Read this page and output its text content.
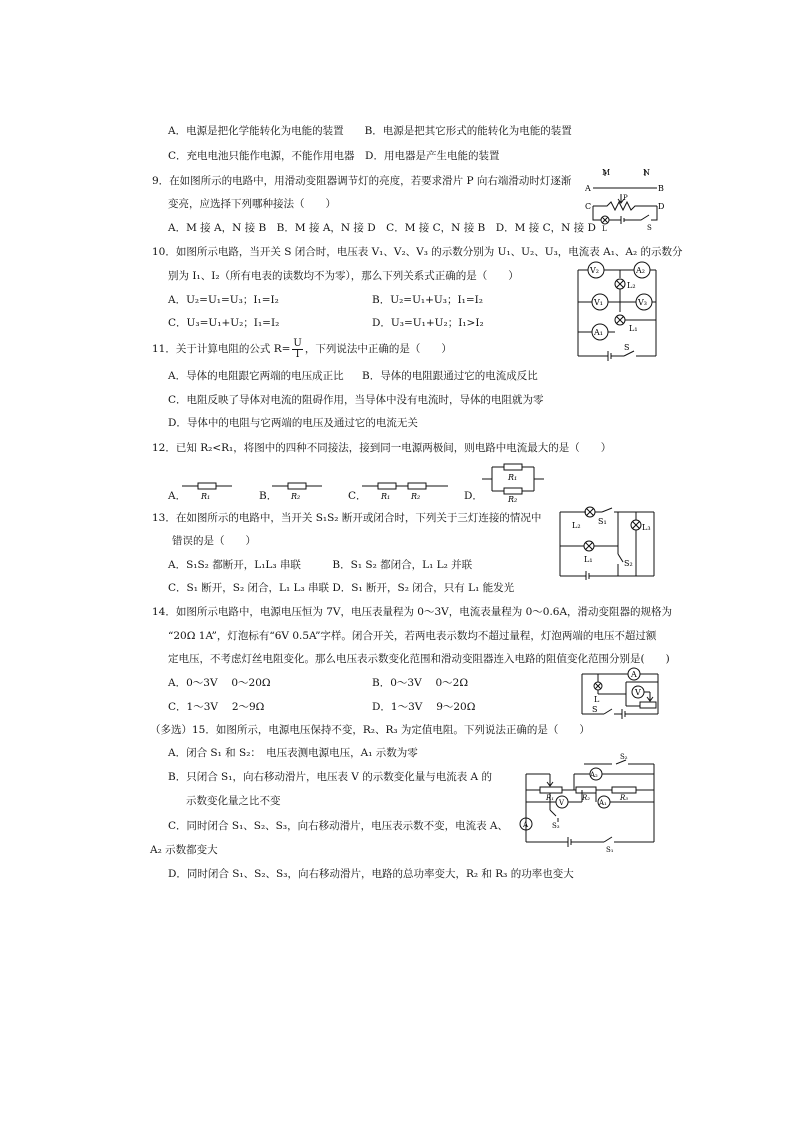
A．电源是把化学能转化为电能的装置　　B．电源是把其它形式的能转化为电能的装置
C．充电电池只能作电源，不能作用电器　D．用电器是产生电能的装置
9．在如图所示的电路中，用滑动变阻器调节灯的亮度，若要求滑片 P 向右端滑动时灯逐渐
变亮，应选择下列哪种接法（　　）
A．M 接 A，N 接 B　B．M 接 A，N 接 D　C．M 接 C，N 接 B　D．M 接 C，N 接 D
M	N
A	B
C	D
P
L	S
10．如图所示电路，当开关 S 闭合时，电压表 V₁、V₂、V₃ 的示数分别为 U₁、U₂、U₃，电流表 A₁、A₂ 的示数分
别为 I₁、I₂（所有电表的读数均不为零），那么下列关系式正确的是（　　）
A．U₂=U₁=U₃；I₁=I₂	B．U₂=U₁+U₃；I₁=I₂
C．U₃=U₁+U₂；I₁=I₂	D．U₃=U₁+U₂；I₁>I₂
V₂	A₂
L₂
V₁	V₃
A₁	L₁
S
11．关于计算电阻的公式 $R= \frac{U}{I}$ ，下列说法中正确的是（　　）
A．导体的电阻跟它两端的电压成正比 B．导体的电阻跟通过它的电流成反比
C．电阻反映了导体对电流的阻碍作用，当导体中没有电流时，导体的电阻就为零
D．导体中的电阻与它两端的电压及通过它的电流无关
12．已知 R₂<R₁，将图中的四种不同接法，接到同一电源两极间，则电路中电流最大的是（　　）
A．	B．	C．	D．
R₁	R₂	R₁	R₂
R₁
R₂
13．在如图所示的电路中，当开关 S₁S₂ 断开或闭合时，下列关于三灯连接的情况中
错误的是（　　）
A．S₁S₂ 都断开，L₁L₃ 串联　　　B．S₁ S₂ 都闭合，L₁ L₂ 并联
C．S₁ 断开，S₂ 闭合，L₁ L₃ 串联 D．S₁ 断开，S₂ 闭合，只有 L₁ 能发光
L₂ S₁
L₃
L₁	S₂
14．如图所示电路中，电源电压恒为 7V，电压表量程为 0～3V，电流表量程为 0～0.6A，滑动变阻器的规格为
“20Ω 1A”，灯泡标有“6V 0.5A”字样。闭合开关，若两电表示数均不超过量程，灯泡两端的电压不超过额
定电压，不考虑灯丝电阻变化。那么电压表示数变化范围和滑动变阻器连入电路的阻值变化范围分别是(　　)
A．0～3V　 0～20Ω	B．0～3V　 0～2Ω
C．1～3V　 2～9Ω	D．1～3V　 9～20Ω
A
L
V
S
（多选）15．如图所示，电源电压保持不变，R₂、R₃ 为定值电阻。下列说法正确的是（　　）
A．闭合 S₁ 和 S₂：　电压表测电源电压，A₁ 示数为零
B．只闭合 S₁，向右移动滑片，电压表 V 的示数变化量与电流表 A 的
示数变化量之比不变
C．同时闭合 S₁、S₂、S₃，向右移动滑片，电压表示数不变，电流表 A、
A₂ 示数都变大
D．同时闭合 S₁、S₂、S₃，向右移动滑片，电路的总功率变大，R₂ 和 R₃ 的功率也变大
A₂
S₂
V	A₁
R₁	R₂	R₃
S₃
A
S₁
